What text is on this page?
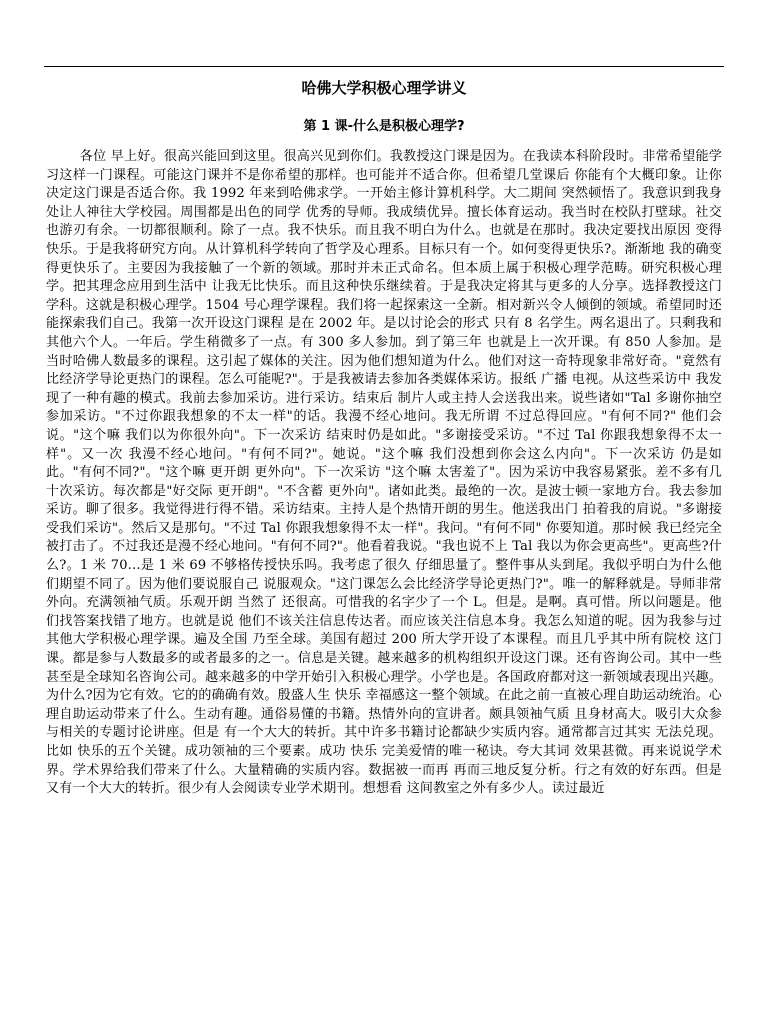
哈佛大学积极心理学讲义
第 1 课-什么是积极心理学?
各位 早上好。很高兴能回到这里。很高兴见到你们。我教授这门课是因为。在我读本科阶段时。非常希望能学习这样一门课程。可能这门课并不是你希望的那样。也可能并不适合你。但希望几堂课后 你能有个大概印象。让你决定这门课是否适合你。我 1992 年来到哈佛求学。一开始主修计算机科学。大二期间 突然顿悟了。我意识到我身处让人神往大学校园。周围都是出色的同学 优秀的导师。我成绩优异。擅长体育运动。我当时在校队打壁球。社交也游刃有余。一切都很顺利。除了一点。我不快乐。而且我不明白为什么。也就是在那时。我决定要找出原因 变得快乐。于是我将研究方向。从计算机科学转向了哲学及心理系。目标只有一个。如何变得更快乐?。渐渐地 我的确变得更快乐了。主要因为我接触了一个新的领域。那时并未正式命名。但本质上属于积极心理学范畴。研究积极心理学。把其理念应用到生活中 让我无比快乐。而且这种快乐继续着。于是我决定将其与更多的人分享。选择教授这门学科。这就是积极心理学。1504 号心理学课程。我们将一起探索这一全新。相对新兴令人倾倒的领域。希望同时还能探索我们自己。我第一次开设这门课程 是在 2002 年。是以讨论会的形式 只有 8 名学生。两名退出了。只剩我和其他六个人。一年后。学生稍微多了一点。有 300 多人参加。到了第三年 也就是上一次开课。有 850 人参加。是当时哈佛人数最多的课程。这引起了媒体的关注。因为他们想知道为什么。他们对这一奇特现象非常好奇。"竟然有比经济学导论更热门的课程。怎么可能呢?"。于是我被请去参加各类媒体采访。报纸 广播 电视。从这些采访中 我发现了一种有趣的模式。我前去参加采访。进行采访。结束后 制片人或主持人会送我出来。说些诸如"Tal 多谢你抽空参加采访。"不过你跟我想象的不太一样"的话。我漫不经心地问。我无所谓 不过总得回应。"有何不同?" 他们会说。"这个嘛 我们以为你很外向"。下一次采访 结束时仍是如此。"多谢接受采访。"不过 Tal 你跟我想象得不太一样"。又一次 我漫不经心地问。"有何不同?"。她说。"这个嘛 我们没想到你会这么内向"。下一次采访 仍是如此。"有何不同?"。"这个嘛 更开朗 更外向"。下一次采访 "这个嘛 太害羞了"。因为采访中我容易紧张。差不多有几十次采访。每次都是"好交际 更开朗"。"不含蓄 更外向"。诸如此类。最绝的一次。是波士顿一家地方台。我去参加采访。聊了很多。我觉得进行得不错。采访结束。主持人是个热情开朗的男生。他送我出门 拍着我的肩说。"多谢接受我们采访"。然后又是那句。"不过 Tal 你跟我想象得不太一样"。我问。"有何不同" 你要知道。那时候 我已经完全被打击了。不过我还是漫不经心地问。"有何不同?"。他看着我说。"我也说不上 Tal 我以为你会更高些"。更高些?什么?。1 米 70...是 1 米 69 不够格传授快乐吗。我考虑了很久 仔细思量了。整件事从头到尾。我似乎明白为什么他们期望不同了。因为他们要说服自己 说服观众。"这门课怎么会比经济学导论更热门?"。唯一的解释就是。导师非常外向。充满领袖气质。乐观开朗 当然了 还很高。可惜我的名字少了一个 L。但是。是啊。真可惜。所以问题是。他们找答案找错了地方。也就是说 他们不该关注信息传达者。而应该关注信息本身。我怎么知道的呢。因为我参与过其他大学积极心理学课。遍及全国 乃至全球。美国有超过 200 所大学开设了本课程。而且几乎其中所有院校 这门课。都是参与人数最多的或者最多的之一。信息是关键。越来越多的机构组织开设这门课。还有咨询公司。其中一些甚至是全球知名咨询公司。越来越多的中学开始引入积极心理学。小学也是。各国政府都对这一新领域表现出兴趣。为什么?因为它有效。它的的确确有效。殷盛人生 快乐 幸福感这一整个领域。在此之前一直被心理自助运动统治。心理自助运动带来了什么。生动有趣。通俗易懂的书籍。热情外向的宣讲者。颇具领袖气质 且身材高大。吸引大众参与相关的专题讨论讲座。但是 有一个大大的转折。其中许多书籍讨论都缺少实质内容。通常都言过其实 无法兑现。比如 快乐的五个关键。成功领袖的三个要素。成功 快乐 完美爱情的唯一秘诀。夸大其词 效果甚微。再来说说学术界。学术界给我们带来了什么。大量精确的实质内容。数据被一而再 再而三地反复分析。行之有效的好东西。但是 又有一个大大的转折。很少有人会阅读专业学术期刊。想想看 这间教室之外有多少人。读过最近
